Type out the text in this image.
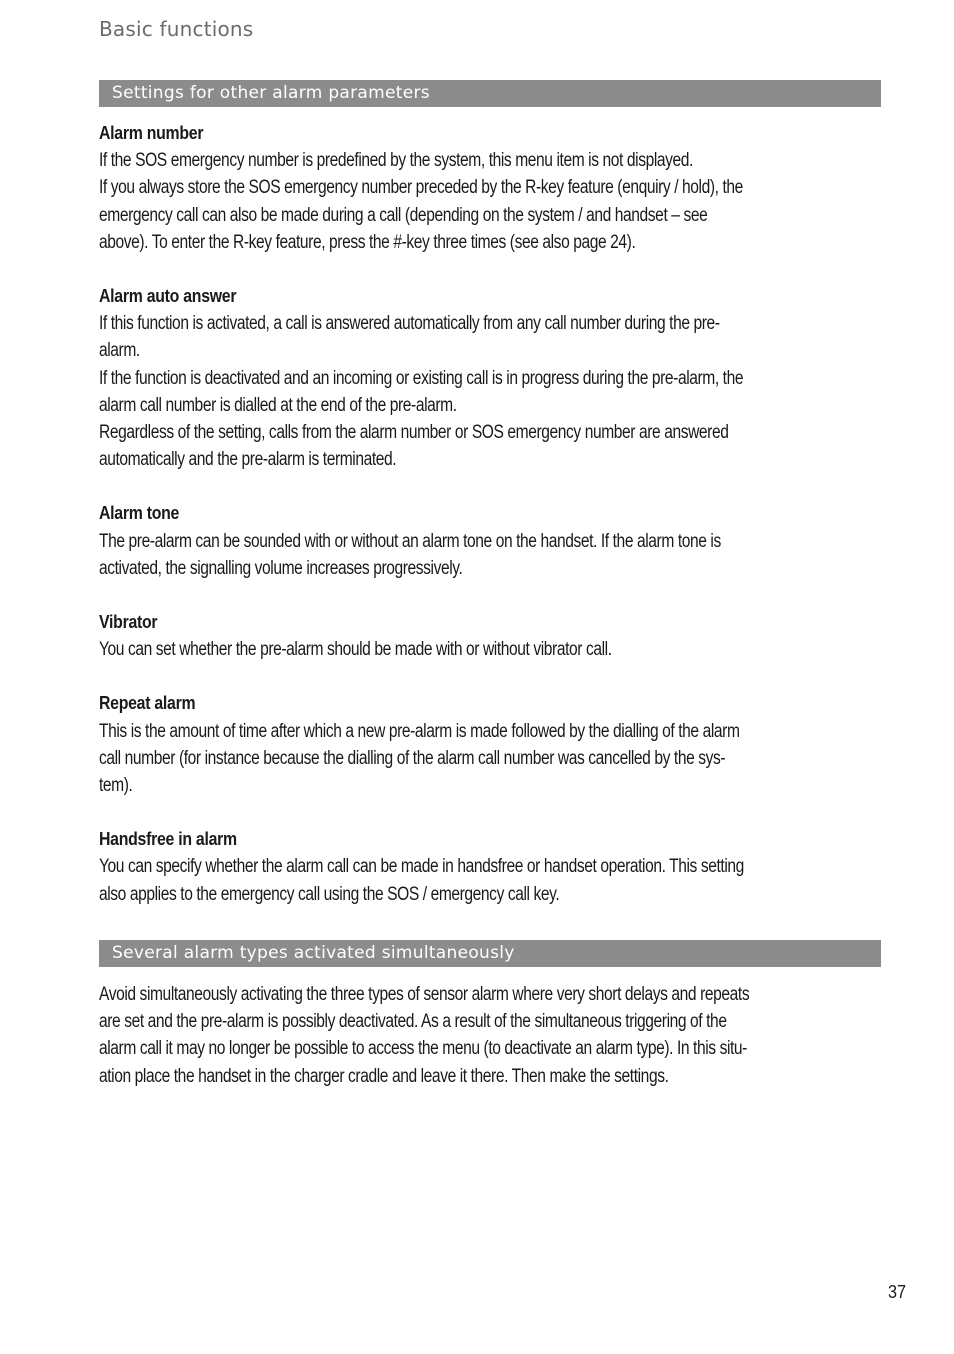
Basic functions
Settings for other alarm parameters
Alarm number
If the SOS emergency number is predefined by the system, this menu item is not displayed.
If you always store the SOS emergency number preceded by the R-key feature (enquiry / hold), the
emergency call can also be made during a call (depending on the system / and handset – see
above). To enter the R-key feature, press the #-key three times (see also page 24).
Alarm auto answer
If this function is activated, a call is answered automatically from any call number during the pre-
alarm.
If the function is deactivated and an incoming or existing call is in progress during the pre-alarm, the
alarm call number is dialled at the end of the pre-alarm.
Regardless of the setting, calls from the alarm number or SOS emergency number are answered
automatically and the pre-alarm is terminated.
Alarm tone
The pre-alarm can be sounded with or without an alarm tone on the handset. If the alarm tone is
activated, the signalling volume increases progressively.
Vibrator
You can set whether the pre-alarm should be made with or without vibrator call.
Repeat alarm
This is the amount of time after which a new pre-alarm is made followed by the dialling of the alarm
call number (for instance because the dialling of the alarm call number was cancelled by the sys-
tem).
Handsfree in alarm
You can specify whether the alarm call can be made in handsfree or handset operation. This setting
also applies to the emergency call using the SOS / emergency call key.
Several alarm types activated simultaneously
Avoid simultaneously activating the three types of sensor alarm where very short delays and repeats
are set and the pre-alarm is possibly deactivated. As a result of the simultaneous triggering of the
alarm call it may no longer be possible to access the menu (to deactivate an alarm type). In this situ-
ation place the handset in the charger cradle and leave it there. Then make the settings.
37
